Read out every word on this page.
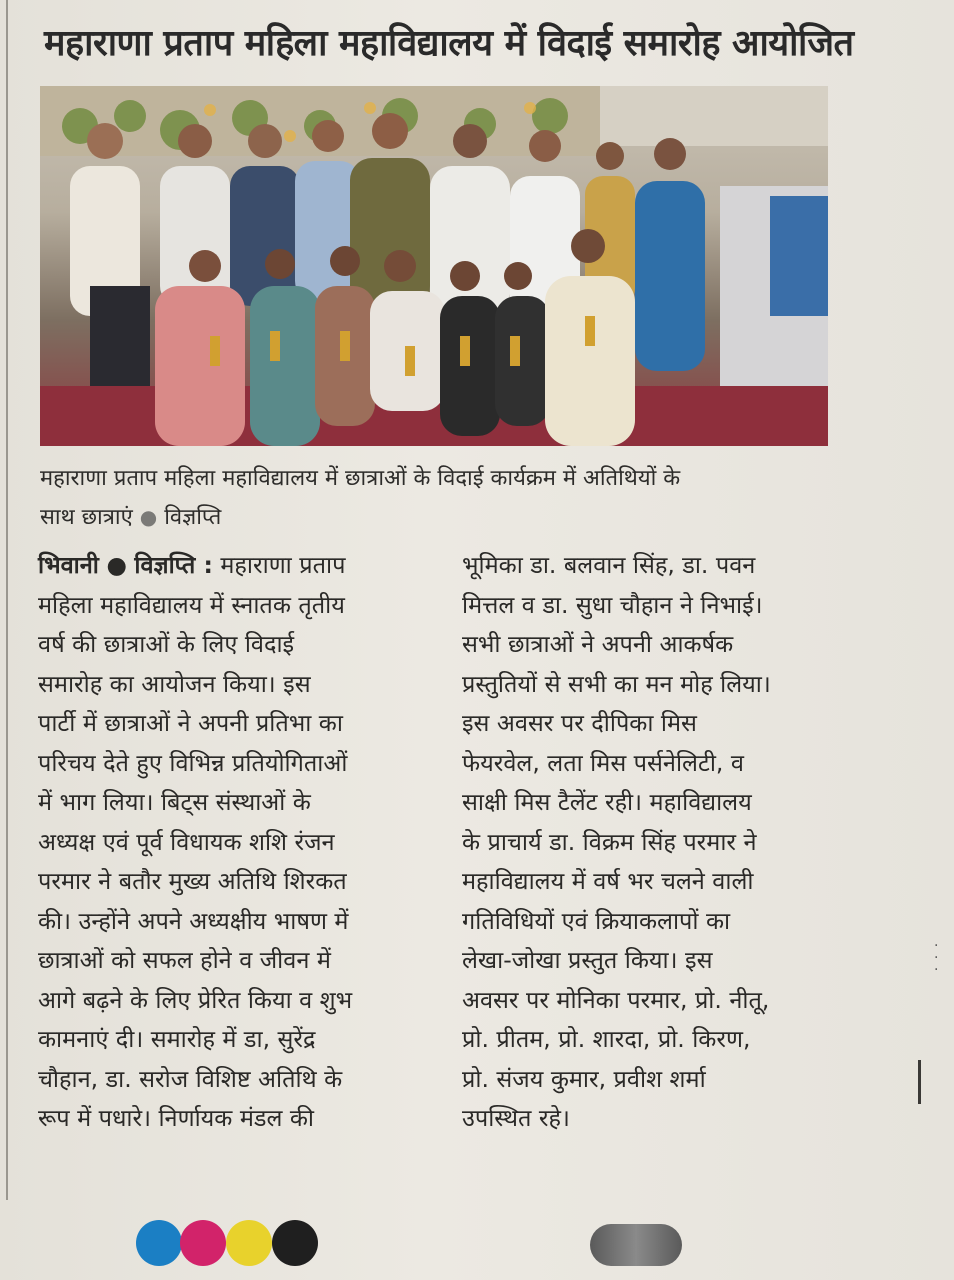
महाराणा प्रताप महिला महाविद्यालय में विदाई समारोह आयोजित
महाराणा प्रताप महिला महाविद्यालय में छात्राओं के विदाई कार्यक्रम में अतिथियों के
साथ छात्राएं ● विज्ञप्ति
भिवानी ● विज्ञप्ति : महाराणा प्रताप
महिला महाविद्यालय में स्नातक तृतीय
वर्ष की छात्राओं के लिए विदाई
समारोह का आयोजन किया। इस
पार्टी में छात्राओं ने अपनी प्रतिभा का
परिचय देते हुए विभिन्न प्रतियोगिताओं
में भाग लिया। बिट्स संस्थाओं के
अध्यक्ष एवं पूर्व विधायक शशि रंजन
परमार ने बतौर मुख्य अतिथि शिरकत
की। उन्होंने अपने अध्यक्षीय भाषण में
छात्राओं को सफल होने व जीवन में
आगे बढ़ने के लिए प्रेरित किया व शुभ
कामनाएं दी। समारोह में डा, सुरेंद्र
चौहान, डा. सरोज विशिष्ट अतिथि के
रूप में पधारे। निर्णायक मंडल की
भूमिका डा. बलवान सिंह, डा. पवन
मित्तल व डा. सुधा चौहान ने निभाई।
सभी छात्राओं ने अपनी आकर्षक
प्रस्तुतियों से सभी का मन मोह लिया।
इस अवसर पर दीपिका मिस
फेयरवेल, लता मिस पर्सनेलिटी, व
साक्षी मिस टैलेंट रही। महाविद्यालय
के प्राचार्य डा. विक्रम सिंह परमार ने
महाविद्यालय में वर्ष भर चलने वाली
गतिविधियों एवं क्रियाकलापों का
लेखा-जोखा प्रस्तुत किया। इस
अवसर पर मोनिका परमार, प्रो. नीतू,
प्रो. प्रीतम, प्रो. शारदा, प्रो. किरण,
प्रो. संजय कुमार, प्रवीश शर्मा
उपस्थित रहे।
·
·
·
